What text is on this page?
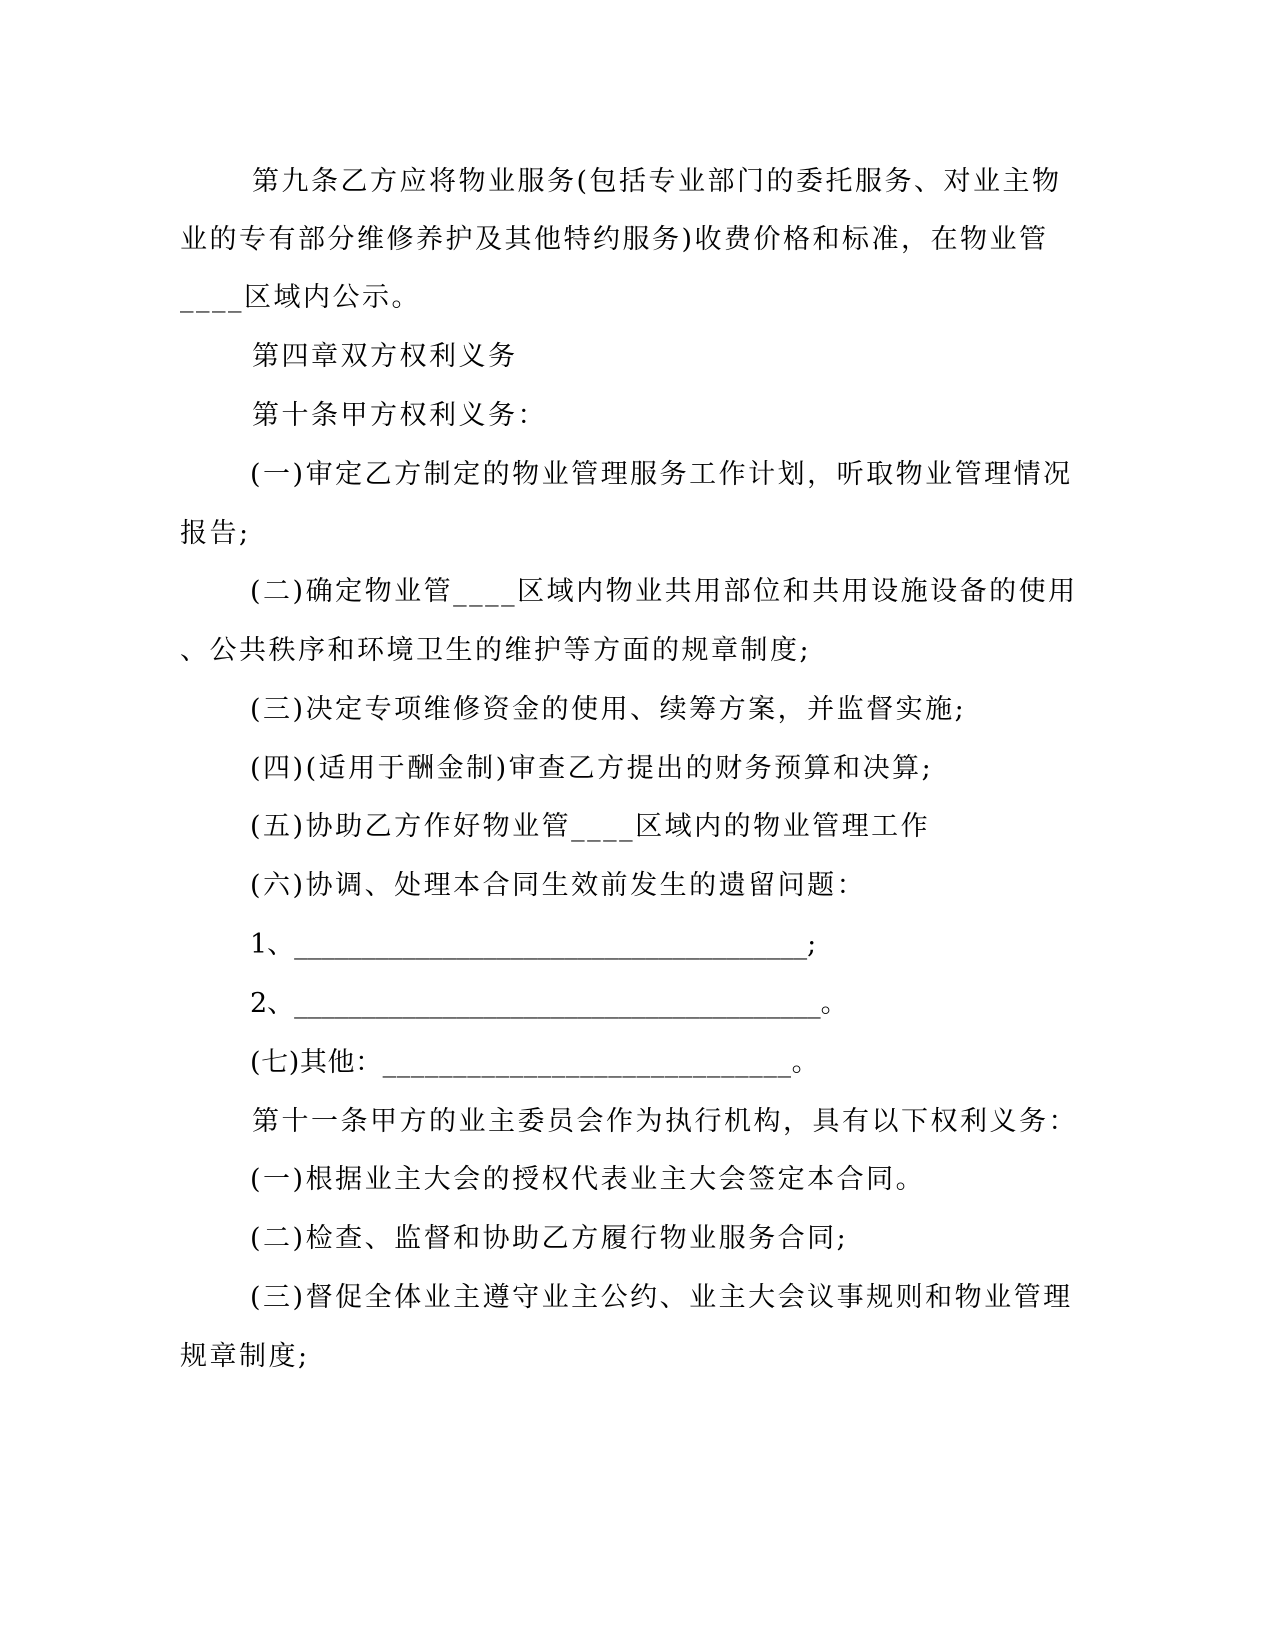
第九条乙方应将物业服务(包括专业部门的委托服务、对业主物
业的专有部分维修养护及其他特约服务)收费价格和标准，在物业管
____区域内公示。
第四章双方权利义务
第十条甲方权利义务：
(一)审定乙方制定的物业管理服务工作计划，听取物业管理情况
报告;
(二)确定物业管____区域内物业共用部位和共用设施设备的使用
、公共秩序和环境卫生的维护等方面的规章制度;
(三)决定专项维修资金的使用、续筹方案，并监督实施;
(四)(适用于酬金制)审查乙方提出的财务预算和决算;
(五)协助乙方作好物业管____区域内的物业管理工作
(六)协调、处理本合同生效前发生的遗留问题：
1、______________________________________;
2、_______________________________________。
(七)其他：_____________________________。
第十一条甲方的业主委员会作为执行机构，具有以下权利义务：
(一)根据业主大会的授权代表业主大会签定本合同。
(二)检查、监督和协助乙方履行物业服务合同;
(三)督促全体业主遵守业主公约、业主大会议事规则和物业管理
规章制度;
